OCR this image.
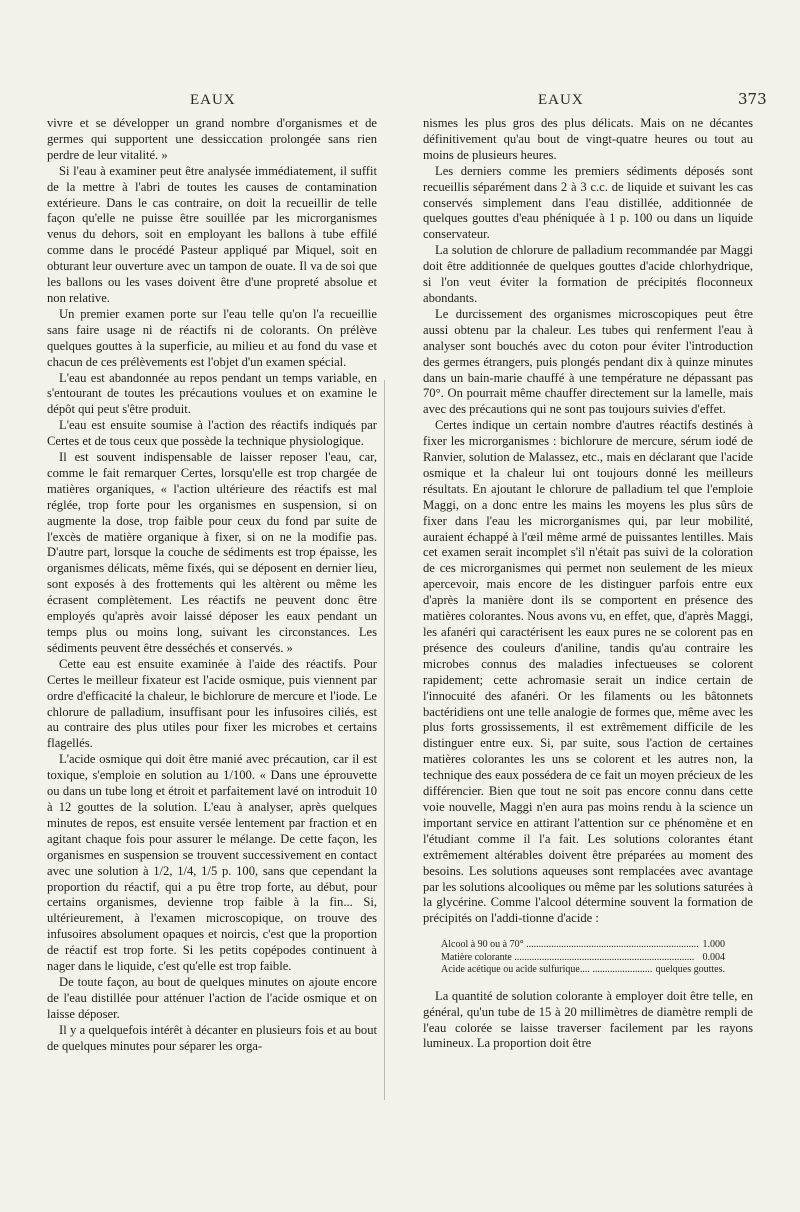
EAUX	EAUX	373

vivre et se développer un grand nombre d'organismes et de germes qui supportent une dessiccation prolongée sans rien perdre de leur vitalité. »

Si l'eau à examiner peut être analysée immédiatement, il suffit de la mettre à l'abri de toutes les causes de contamination extérieure. Dans le cas contraire, on doit la recueillir de telle façon qu'elle ne puisse être souillée par les microrganismes venus du dehors, soit en employant les ballons à tube effilé comme dans le procédé Pasteur appliqué par Miquel, soit en obturant leur ouverture avec un tampon de ouate. Il va de soi que les ballons ou les vases doivent être d'une propreté absolue et non relative.

Un premier examen porte sur l'eau telle qu'on l'a recueillie sans faire usage ni de réactifs ni de colorants. On prélève quelques gouttes à la superficie, au milieu et au fond du vase et chacun de ces prélèvements est l'objet d'un examen spécial.

L'eau est abandonnée au repos pendant un temps variable, en s'entourant de toutes les précautions voulues et on examine le dépôt qui peut s'être produit.

L'eau est ensuite soumise à l'action des réactifs indiqués par Certes et de tous ceux que possède la technique physiologique.

Il est souvent indispensable de laisser reposer l'eau, car, comme le fait remarquer Certes, lorsqu'elle est trop chargée de matières organiques, « l'action ultérieure des réactifs est mal réglée, trop forte pour les organismes en suspension, si on augmente la dose, trop faible pour ceux du fond par suite de l'excès de matière organique à fixer, si on ne la modifie pas. D'autre part, lorsque la couche de sédiments est trop épaisse, les organismes délicats, même fixés, qui se déposent en dernier lieu, sont exposés à des frottements qui les altèrent ou même les écrasent complètement. Les réactifs ne peuvent donc être employés qu'après avoir laissé déposer les eaux pendant un temps plus ou moins long, suivant les circonstances. Les sédiments peuvent être desséchés et conservés. »

Cette eau est ensuite examinée à l'aide des réactifs. Pour Certes le meilleur fixateur est l'acide osmique, puis viennent par ordre d'efficacité la chaleur, le bichlorure de mercure et l'iode. Le chlorure de palladium, insuffisant pour les infusoires ciliés, est au contraire des plus utiles pour fixer les microbes et certains flagellés.

L'acide osmique qui doit être manié avec précaution, car il est toxique, s'emploie en solution au 1/100. « Dans une éprouvette ou dans un tube long et étroit et parfaitement lavé on introduit 10 à 12 gouttes de la solution. L'eau à analyser, après quelques minutes de repos, est ensuite versée lentement par fraction et en agitant chaque fois pour assurer le mélange. De cette façon, les organismes en suspension se trouvent successivement en contact avec une solution à 1/2, 1/4, 1/5 p. 100, sans que cependant la proportion du réactif, qui a pu être trop forte, au début, pour certains organismes, devienne trop faible à la fin... Si, ultérieurement, à l'examen microscopique, on trouve des infusoires absolument opaques et noircis, c'est que la proportion de réactif est trop forte. Si les petits copépodes continuent à nager dans le liquide, c'est qu'elle est trop faible.

De toute façon, au bout de quelques minutes on ajoute encore de l'eau distillée pour atténuer l'action de l'acide osmique et on laisse déposer.

Il y a quelquefois intérêt à décanter en plusieurs fois et au bout de quelques minutes pour séparer les orga-

nismes les plus gros des plus délicats. Mais on ne décantes définitivement qu'au bout de vingt-quatre heures ou tout au moins de plusieurs heures.

Les derniers comme les premiers sédiments déposés sont recueillis séparément dans 2 à 3 c.c. de liquide et suivant les cas conservés simplement dans l'eau distillée, additionnée de quelques gouttes d'eau phéniquée à 1 p. 100 ou dans un liquide conservateur.

La solution de chlorure de palladium recommandée par Maggi doit être additionnée de quelques gouttes d'acide chlorhydrique, si l'on veut éviter la formation de précipités floconneux abondants.

Le durcissement des organismes microscopiques peut être aussi obtenu par la chaleur. Les tubes qui renferment l'eau à analyser sont bouchés avec du coton pour éviter l'introduction des germes étrangers, puis plongés pendant dix à quinze minutes dans un bain-marie chauffé à une température ne dépassant pas 70°. On pourrait même chauffer directement sur la lamelle, mais avec des précautions qui ne sont pas toujours suivies d'effet.

Certes indique un certain nombre d'autres réactifs destinés à fixer les microrganismes : bichlorure de mercure, sérum iodé de Ranvier, solution de Malassez, etc., mais en déclarant que l'acide osmique et la chaleur lui ont toujours donné les meilleurs résultats. En ajoutant le chlorure de palladium tel que l'emploie Maggi, on a donc entre les mains les moyens les plus sûrs de fixer dans l'eau les microrganismes qui, par leur mobilité, auraient échappé à l'œil même armé de puissantes lentilles. Mais cet examen serait incomplet s'il n'était pas suivi de la coloration de ces microrganismes qui permet non seulement de les mieux apercevoir, mais encore de les distinguer parfois entre eux d'après la manière dont ils se comportent en présence des matières colorantes. Nous avons vu, en effet, que, d'après Maggi, les afanéri qui caractérisent les eaux pures ne se colorent pas en présence des couleurs d'aniline, tandis qu'au contraire les microbes connus des maladies infectueuses se colorent rapidement; cette achromasie serait un indice certain de l'innocuité des afanéri. Or les filaments ou les bâtonnets bactéridiens ont une telle analogie de formes que, même avec les plus forts grossissements, il est extrêmement difficile de les distinguer entre eux. Si, par suite, sous l'action de certaines matières colorantes les uns se colorent et les autres non, la technique des eaux possédera de ce fait un moyen précieux de les différencier. Bien que tout ne soit pas encore connu dans cette voie nouvelle, Maggi n'en aura pas moins rendu à la science un important service en attirant l'attention sur ce phénomène et en l'étudiant comme il l'a fait. Les solutions colorantes étant extrêmement altérables doivent être préparées au moment des besoins. Les solutions aqueuses sont remplacées avec avantage par les solutions alcooliques ou même par les solutions saturées à la glycérine. Comme l'alcool détermine souvent la formation de précipités on l'addi-tionne d'acide :

Alcool à 90 ou à 70° .....	1.000
Matière colorante .....	0.004
Acide acétique ou acide sulfurique.... .....	quelques gouttes.

La quantité de solution colorante à employer doit être telle, en général, qu'un tube de 15 à 20 millimètres de diamètre rempli de l'eau colorée se laisse traverser facilement par les rayons lumineux. La proportion doit être
